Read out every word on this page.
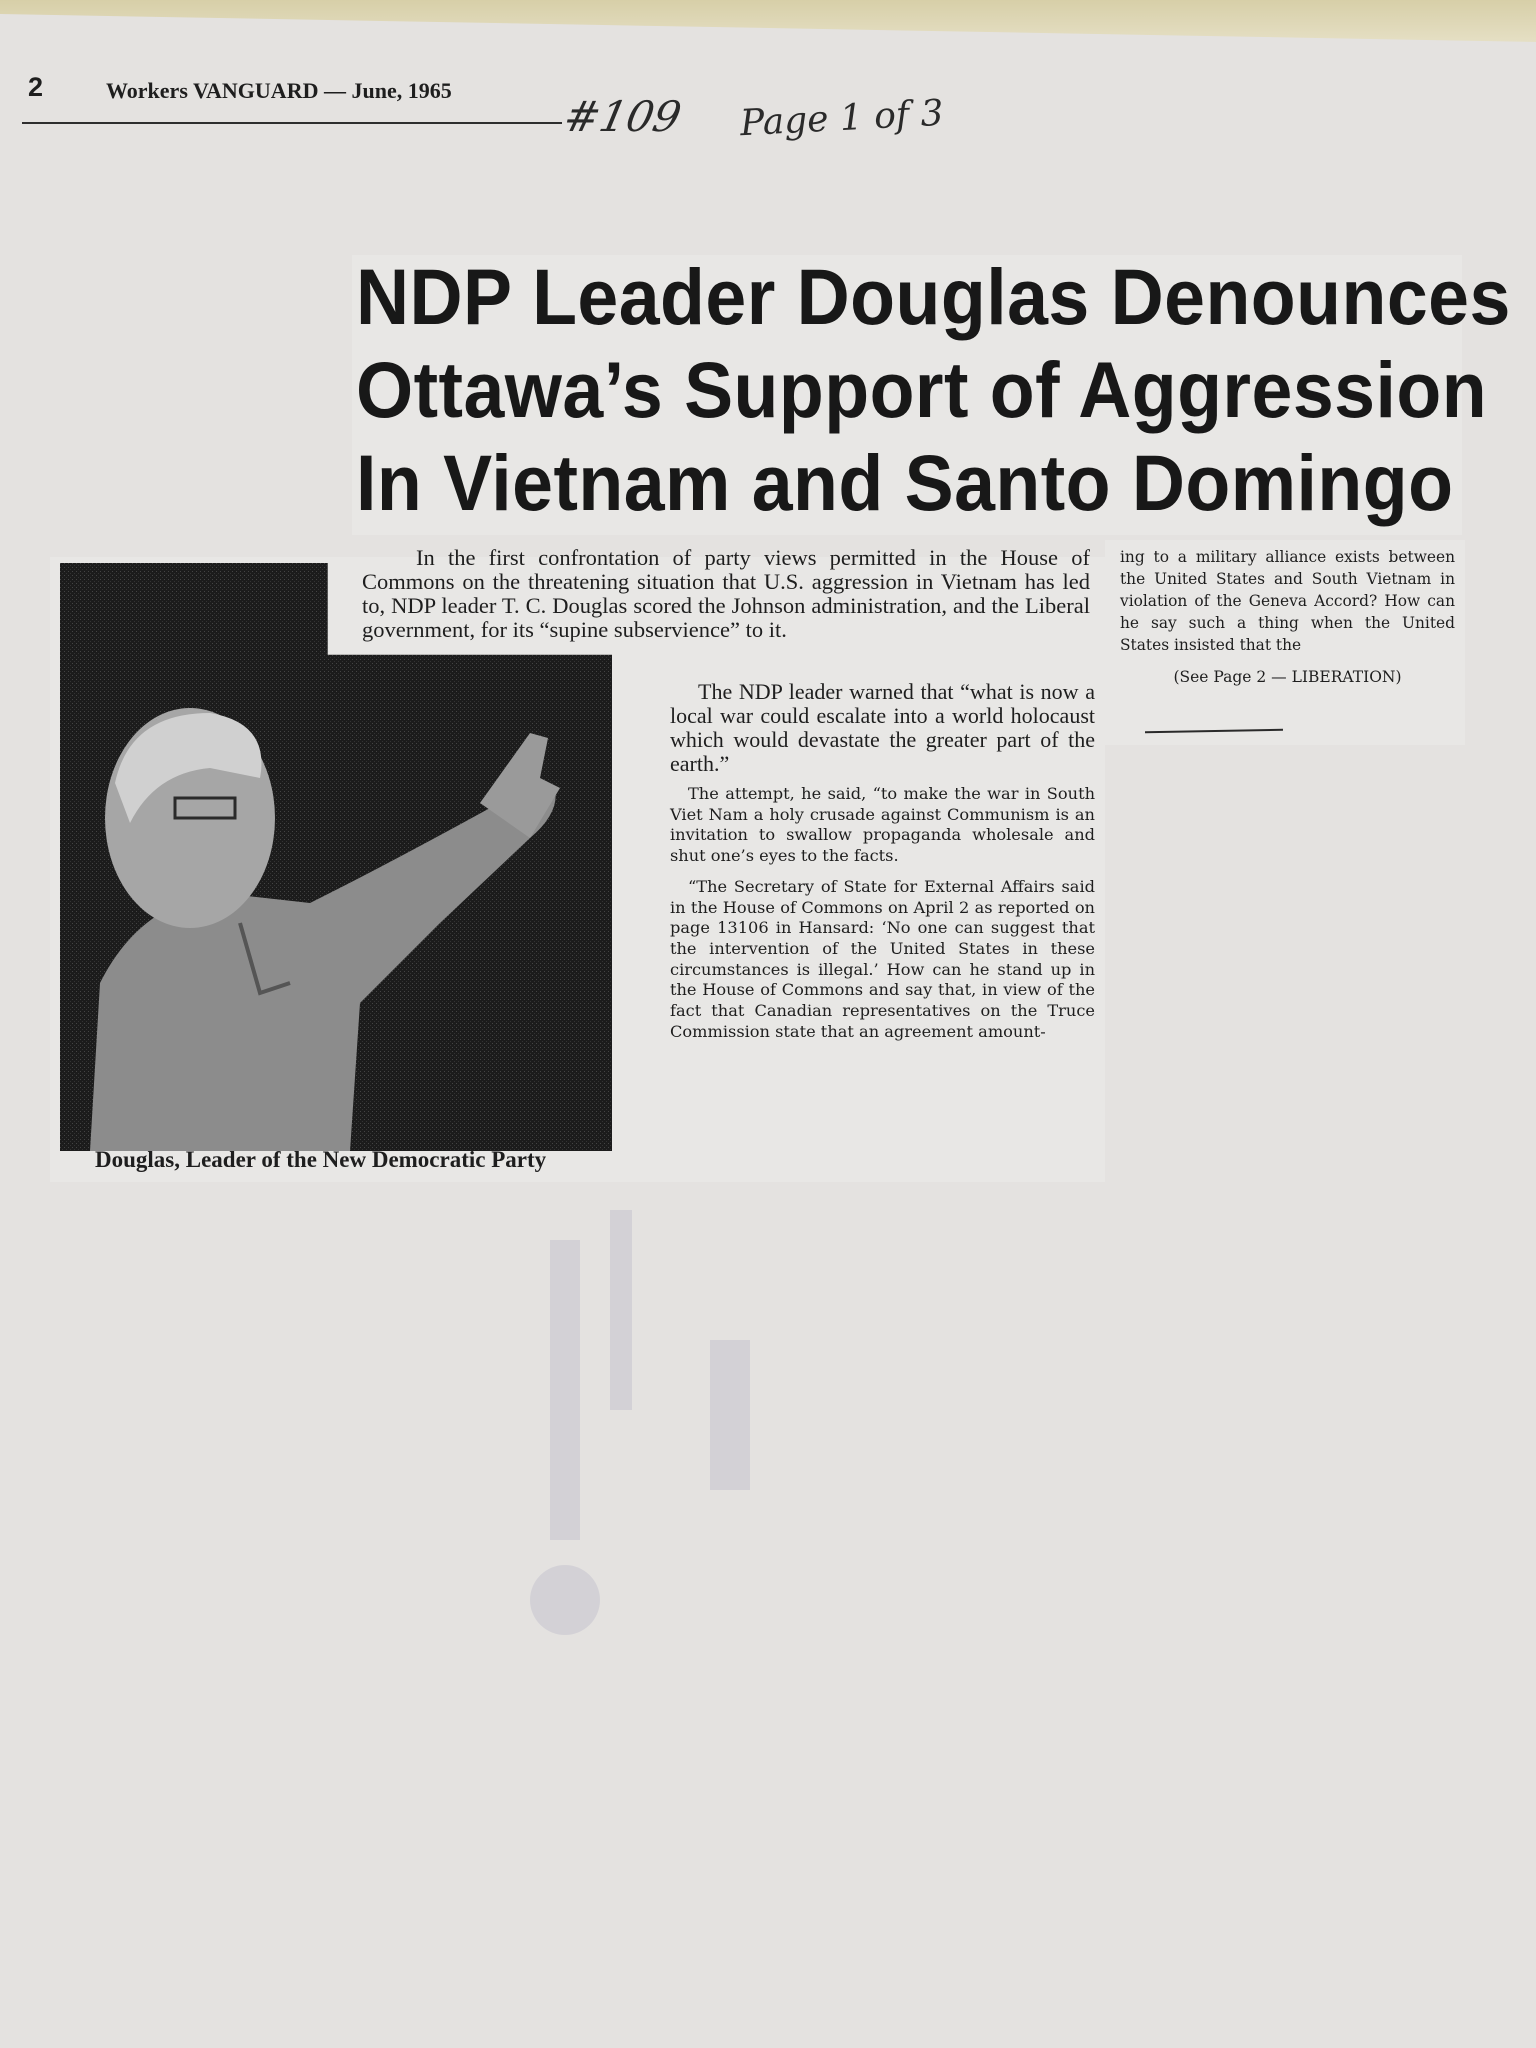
2	Workers VANGUARD — June, 1965
#109 Page 1 of 3
NDP Leader Douglas Denounces
Ottawa’s Support of Aggression
In Vietnam and Santo Domingo
Douglas, Leader of the New Democratic Party

In the first confrontation of party views permitted in the House of Commons on the threatening situation that U.S. aggression in Vietnam has led to, NDP leader T. C. Douglas scored the Johnson administration, and the Liberal government, for its “supine subservience” to it.

The NDP leader warned that “what is now a local war could escalate into a world holocaust which would devastate the greater part of the earth.”

The attempt, he said, “to make the war in South Viet Nam a holy crusade against Communism is an invitation to swallow propaganda wholesale and shut one’s eyes to the facts.

“The Secretary of State for External Affairs said in the House of Commons on April 2 as reported on page 13106 in Hansard: ‘No one can suggest that the intervention of the United States in these circumstances is illegal.’ How can he stand up in the House of Commons and say that, in view of the fact that Canadian representatives on the Truce Commission state that an agreement amount-

ing to a military alliance exists between the United States and South Vietnam in violation of the Geneva Accord? How can he say such a thing when the United States insisted that the

(See Page 2 — LIBERATION)
